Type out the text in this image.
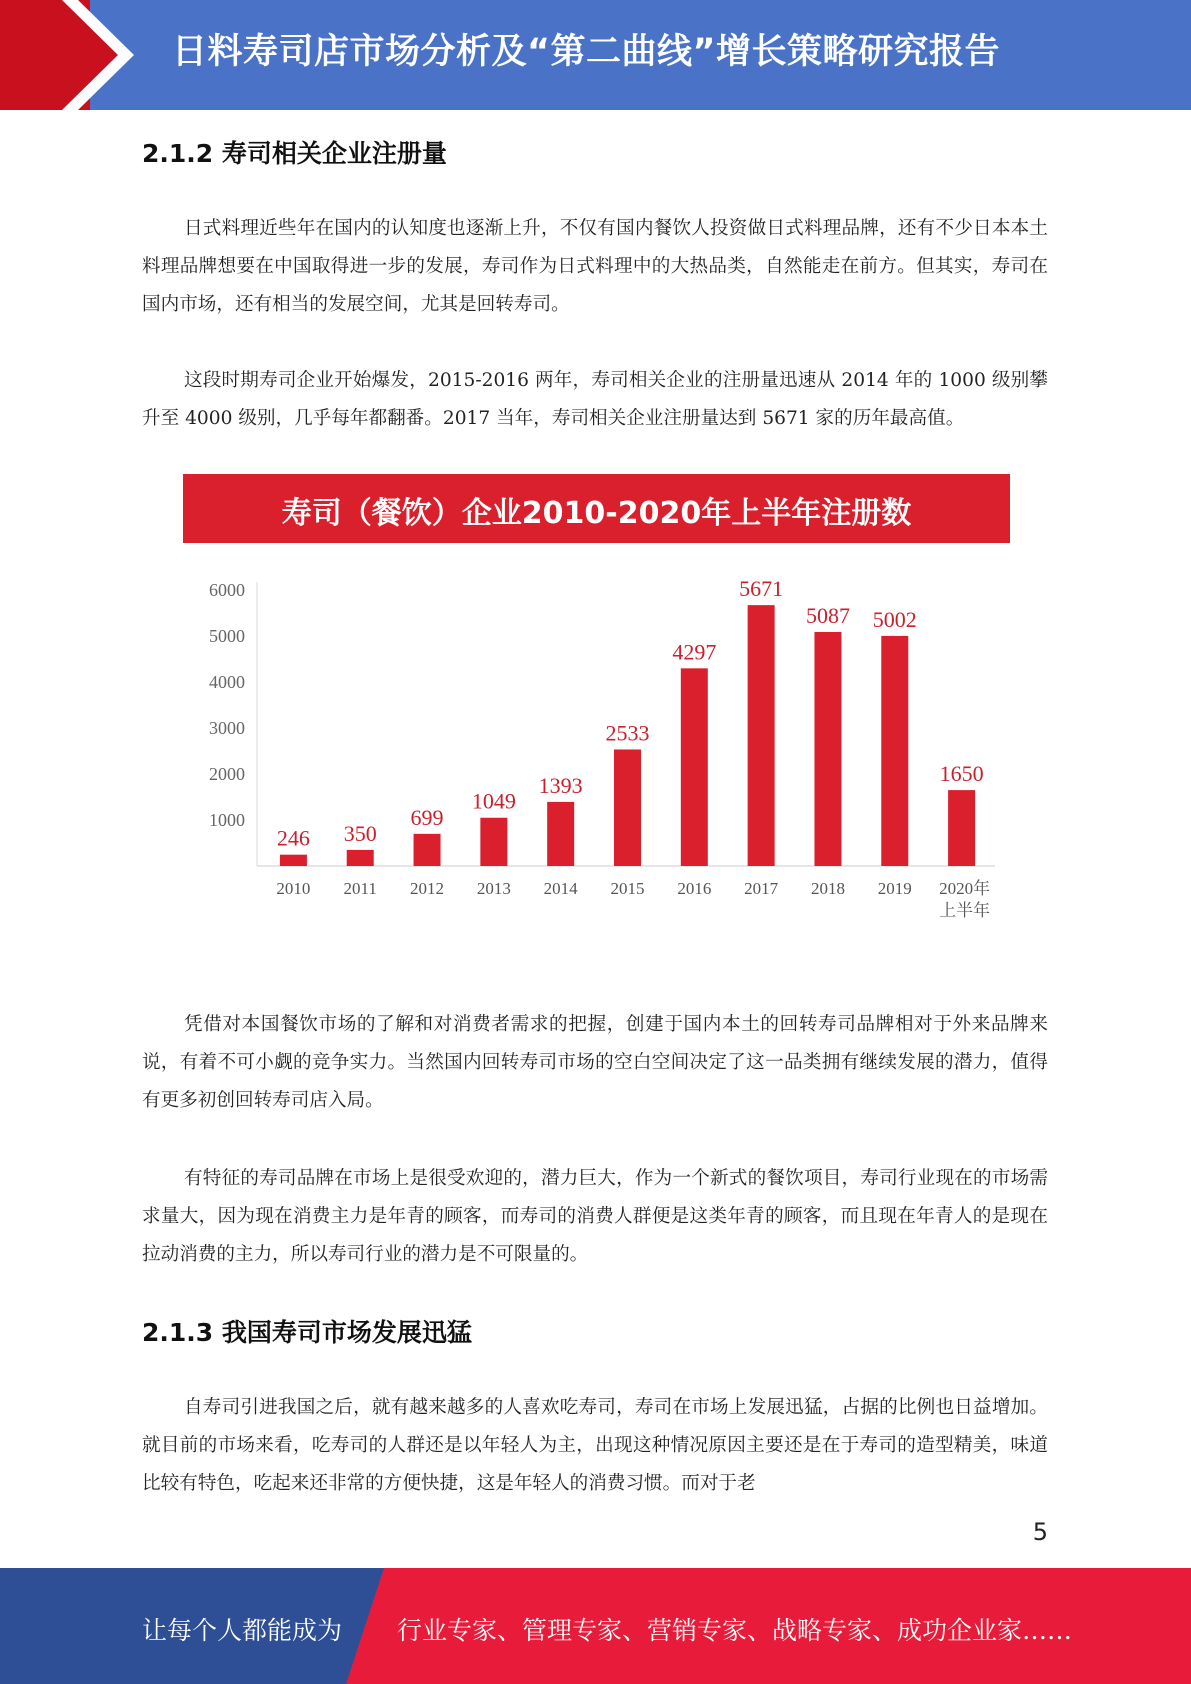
日料寿司店市场分析及“第二曲线”增长策略研究报告
2.1.2 寿司相关企业注册量

日式料理近些年在国内的认知度也逐渐上升，不仅有国内餐饮人投资做日式料理品牌，还有不少日本本土料理品牌想要在中国取得进一步的发展，寿司作为日式料理中的大热品类，自然能走在前方。但其实，寿司在国内市场，还有相当的发展空间，尤其是回转寿司。

这段时期寿司企业开始爆发，2015-2016 两年，寿司相关企业的注册量迅速从 2014 年的 1000 级别攀升至 4000 级别，几乎每年都翻番。2017 当年，寿司相关企业注册量达到 5671 家的历年最高值。

寿司（餐饮）企业2010-2020年上半年注册数
1000
2000
3000
4000
5000
6000
246
2010
350
2011
699
2012
1049
2013
1393
2014
2533
2015
4297
2016
5671
2017
5087
2018
5002
2019
1650
2020年
上半年

凭借对本国餐饮市场的了解和对消费者需求的把握，创建于国内本土的回转寿司品牌相对于外来品牌来说，有着不可小觑的竞争实力。当然国内回转寿司市场的空白空间决定了这一品类拥有继续发展的潜力，值得有更多初创回转寿司店入局。

有特征的寿司品牌在市场上是很受欢迎的，潜力巨大，作为一个新式的餐饮项目，寿司行业现在的市场需求量大，因为现在消费主力是年青的顾客，而寿司的消费人群便是这类年青的顾客，而且现在年青人的是现在拉动消费的主力，所以寿司行业的潜力是不可限量的。

2.1.3 我国寿司市场发展迅猛

自寿司引进我国之后，就有越来越多的人喜欢吃寿司，寿司在市场上发展迅猛，占据的比例也日益增加。就目前的市场来看，吃寿司的人群还是以年轻人为主，出现这种情况原因主要还是在于寿司的造型精美，味道比较有特色，吃起来还非常的方便快捷，这是年轻人的消费习惯。而对于老

5
让每个人都能成为 行业专家、管理专家、营销专家、战略专家、成功企业家……
